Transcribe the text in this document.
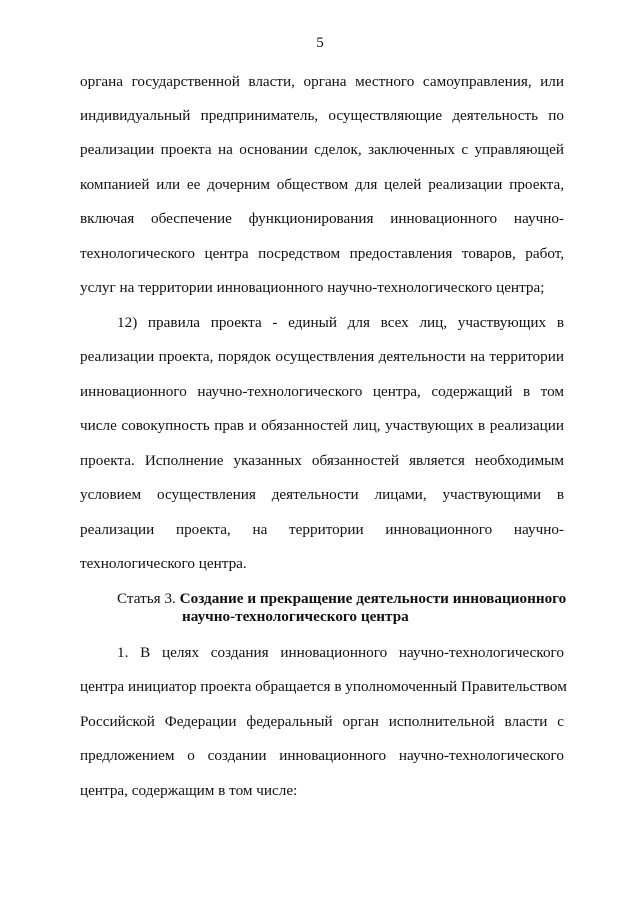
5
органа государственной власти, органа местного самоуправления, или
индивидуальный предприниматель, осуществляющие деятельность по
реализации проекта на основании сделок, заключенных с управляющей
компанией или ее дочерним обществом для целей реализации проекта,
включая обеспечение функционирования инновационного научно-
технологического центра посредством предоставления товаров, работ,
услуг на территории инновационного научно-технологического центра;
12) правила проекта - единый для всех лиц, участвующих в
реализации проекта, порядок осуществления деятельности на территории
инновационного научно-технологического центра, содержащий в том
числе совокупность прав и обязанностей лиц, участвующих в реализации
проекта. Исполнение указанных обязанностей является необходимым
условием осуществления деятельности лицами, участвующими в
реализации проекта, на территории инновационного научно-
технологического центра.
Статья 3. Создание и прекращение деятельности инновационного
научно-технологического центра
1. В целях создания инновационного научно-технологического
центра инициатор проекта обращается в уполномоченный Правительством
Российской Федерации федеральный орган исполнительной власти с
предложением о создании инновационного научно-технологического
центра, содержащим в том числе:
